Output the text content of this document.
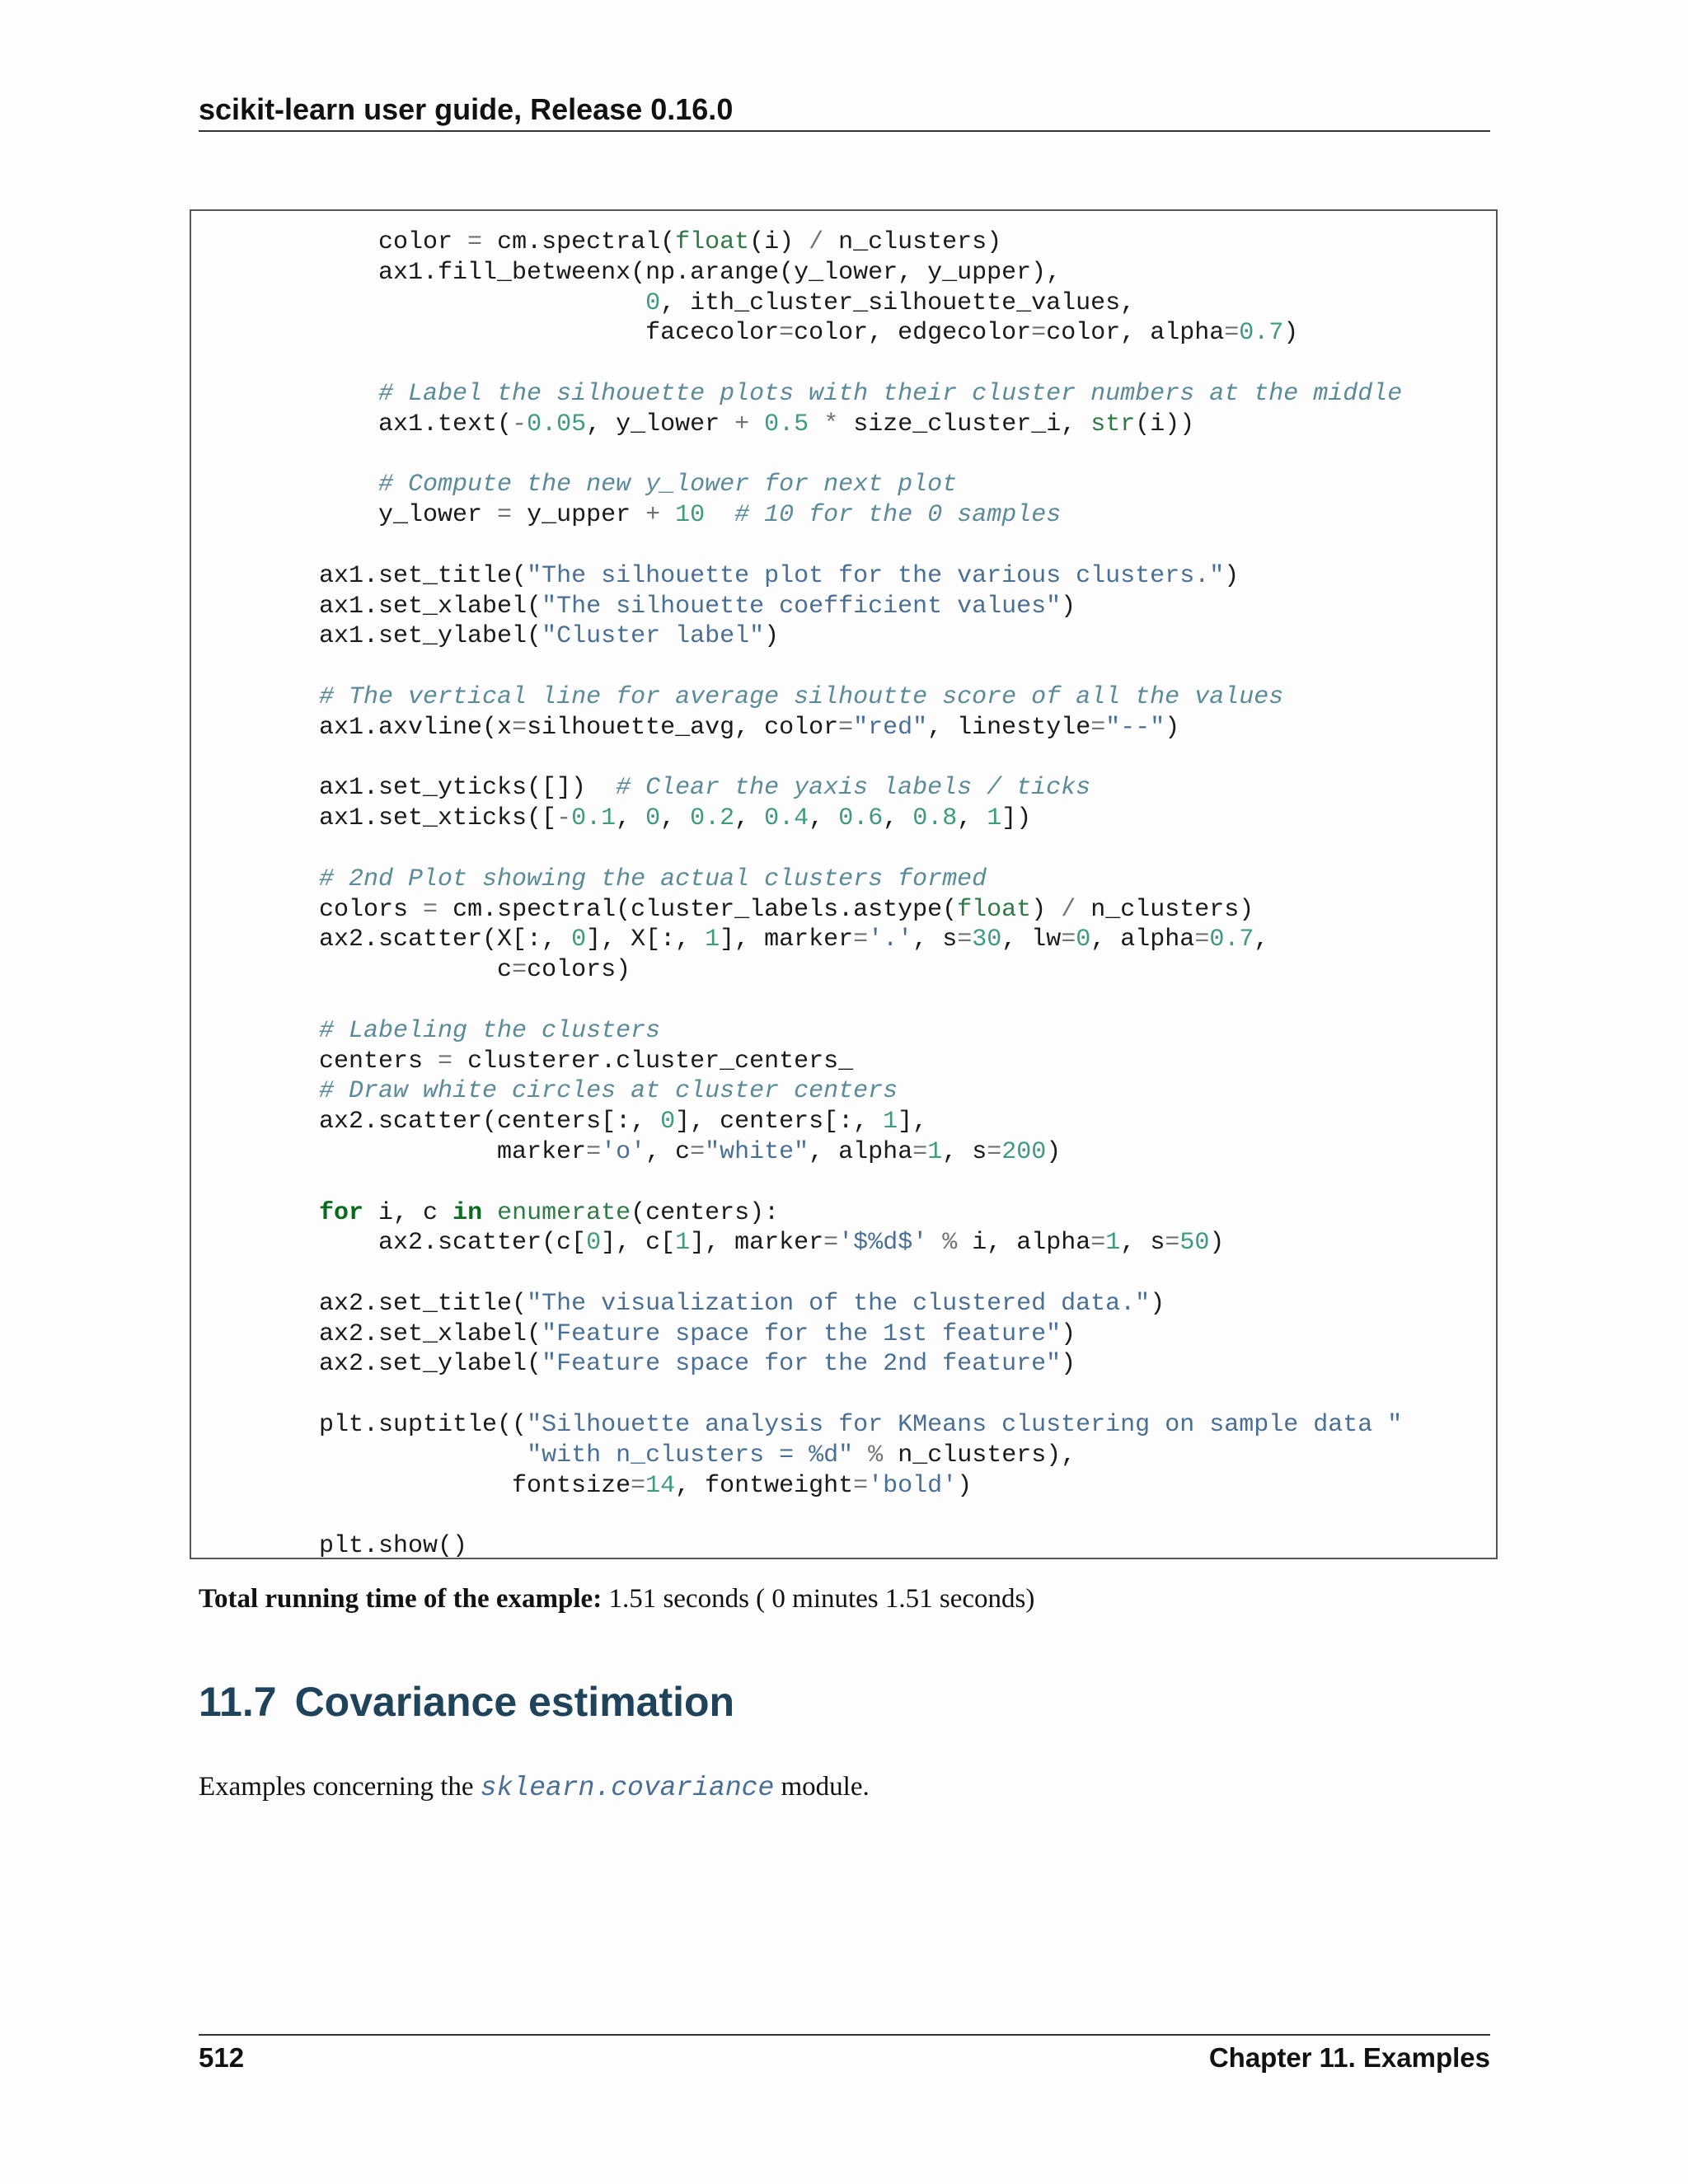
scikit-learn user guide, Release 0.16.0
color = cm.spectral(float(i) / n_clusters)
ax1.fill_betweenx(np.arange(y_lower, y_upper),
0, ith_cluster_silhouette_values,
facecolor=color, edgecolor=color, alpha=0.7)

# Label the silhouette plots with their cluster numbers at the middle
ax1.text(-0.05, y_lower + 0.5 * size_cluster_i, str(i))

# Compute the new y_lower for next plot
y_lower = y_upper + 10 # 10 for the 0 samples

ax1.set_title("The silhouette plot for the various clusters.")
ax1.set_xlabel("The silhouette coefficient values")
ax1.set_ylabel("Cluster label")

# The vertical line for average silhoutte score of all the values
ax1.axvline(x=silhouette_avg, color="red", linestyle="--")

ax1.set_yticks([])  # Clear the yaxis labels / ticks
ax1.set_xticks([-0.1, 0, 0.2, 0.4, 0.6, 0.8, 1])

# 2nd Plot showing the actual clusters formed
colors = cm.spectral(cluster_labels.astype(float) / n_clusters)
ax2.scatter(X[:, 0], X[:, 1], marker='.', s=30, lw=0, alpha=0.7,
c=colors)

# Labeling the clusters
centers = clusterer.cluster_centers_
# Draw white circles at cluster centers
ax2.scatter(centers[:, 0], centers[:, 1],
marker='o', c="white", alpha=1, s=200)

for i, c in enumerate(centers):
ax2.scatter(c[0], c[1], marker='$%d$' % i, alpha=1, s=50)

ax2.set_title("The visualization of the clustered data.")
ax2.set_xlabel("Feature space for the 1st feature")
ax2.set_ylabel("Feature space for the 2nd feature")

plt.suptitle(("Silhouette analysis for KMeans clustering on sample data "
"with n_clusters = %d" % n_clusters),
fontsize=14, fontweight='bold')

plt.show()

Total running time of the example: 1.51 seconds ( 0 minutes 1.51 seconds)

11.7 Covariance estimation

Examples concerning the sklearn.covariance module.

512	Chapter 11. Examples
